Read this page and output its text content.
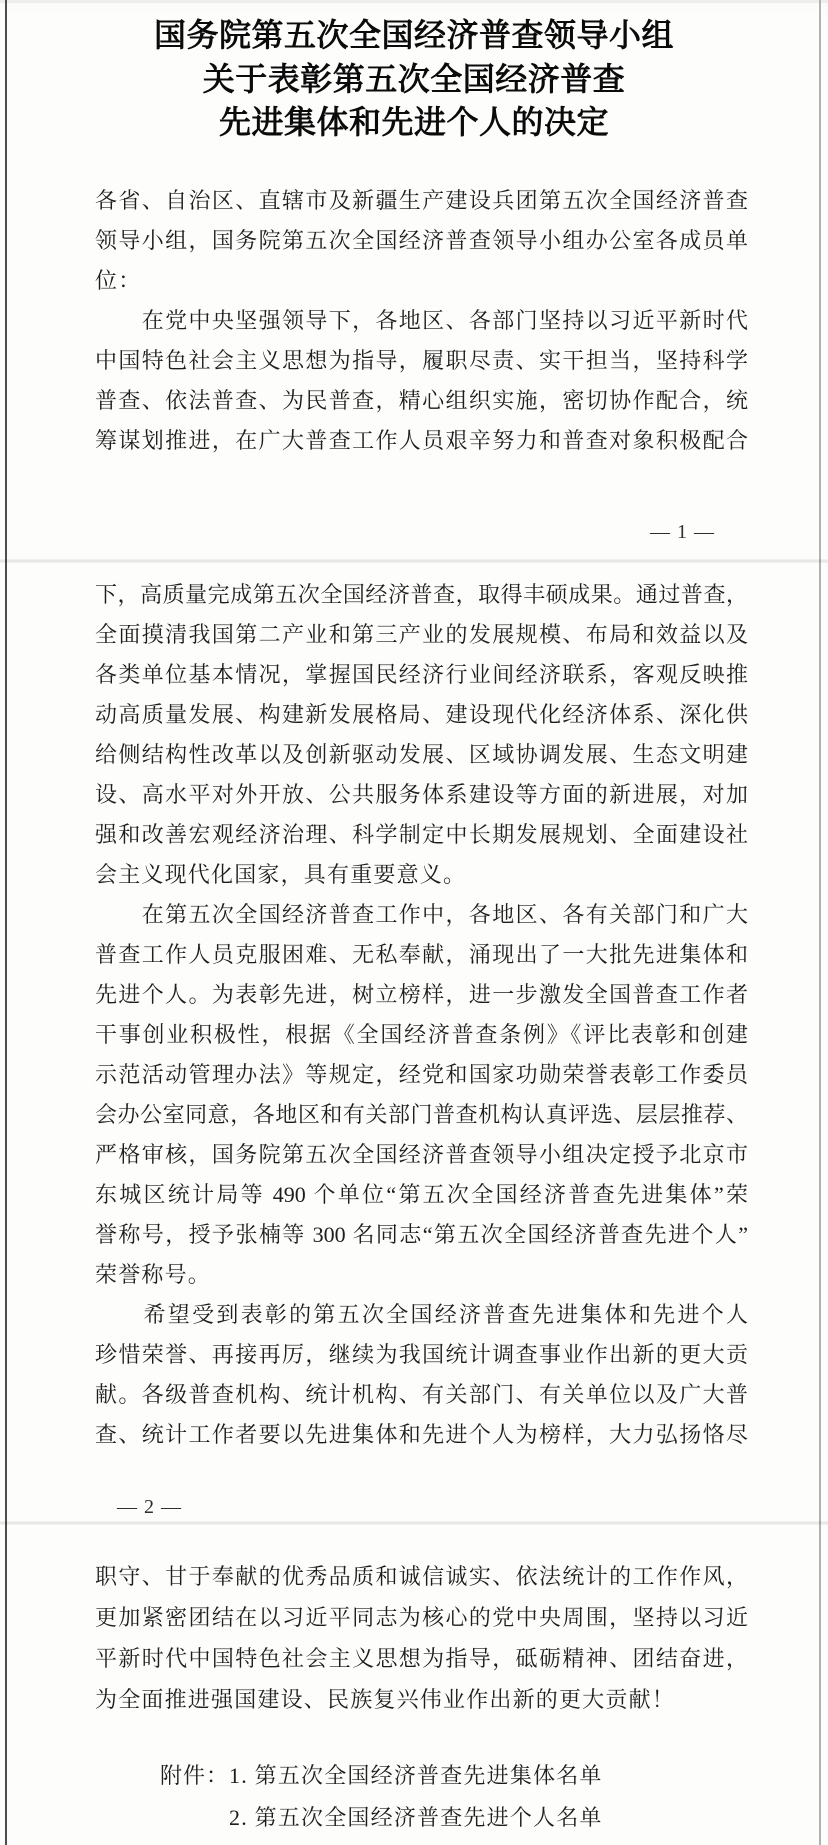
国务院第五次全国经济普查领导小组
关于表彰第五次全国经济普查
先进集体和先进个人的决定
各省、自治区、直辖市及新疆生产建设兵团第五次全国经济普查
领导小组，国务院第五次全国经济普查领导小组办公室各成员单
位：
　　在党中央坚强领导下，各地区、各部门坚持以习近平新时代
中国特色社会主义思想为指导，履职尽责、实干担当，坚持科学
普查、依法普查、为民普查，精心组织实施，密切协作配合，统
筹谋划推进，在广大普查工作人员艰辛努力和普查对象积极配合
— 1 —
下，高质量完成第五次全国经济普查，取得丰硕成果。通过普查，
全面摸清我国第二产业和第三产业的发展规模、布局和效益以及
各类单位基本情况，掌握国民经济行业间经济联系，客观反映推
动高质量发展、构建新发展格局、建设现代化经济体系、深化供
给侧结构性改革以及创新驱动发展、区域协调发展、生态文明建
设、高水平对外开放、公共服务体系建设等方面的新进展，对加
强和改善宏观经济治理、科学制定中长期发展规划、全面建设社
会主义现代化国家，具有重要意义。
　　在第五次全国经济普查工作中，各地区、各有关部门和广大
普查工作人员克服困难、无私奉献，涌现出了一大批先进集体和
先进个人。为表彰先进，树立榜样，进一步激发全国普查工作者
干事创业积极性，根据《全国经济普查条例》《评比表彰和创建
示范活动管理办法》等规定，经党和国家功勋荣誉表彰工作委员
会办公室同意，各地区和有关部门普查机构认真评选、层层推荐、
严格审核，国务院第五次全国经济普查领导小组决定授予北京市
东城区统计局等 490 个单位“第五次全国经济普查先进集体”荣
誉称号，授予张楠等 300 名同志“第五次全国经济普查先进个人”
荣誉称号。
　　希望受到表彰的第五次全国经济普查先进集体和先进个人
珍惜荣誉、再接再厉，继续为我国统计调查事业作出新的更大贡
献。各级普查机构、统计机构、有关部门、有关单位以及广大普
查、统计工作者要以先进集体和先进个人为榜样，大力弘扬恪尽
— 2 —
职守、甘于奉献的优秀品质和诚信诚实、依法统计的工作作风，
更加紧密团结在以习近平同志为核心的党中央周围，坚持以习近
平新时代中国特色社会主义思想为指导，砥砺精神、团结奋进，
为全面推进强国建设、民族复兴伟业作出新的更大贡献！
附件： 1. 第五次全国经济普查先进集体名单
2. 第五次全国经济普查先进个人名单
